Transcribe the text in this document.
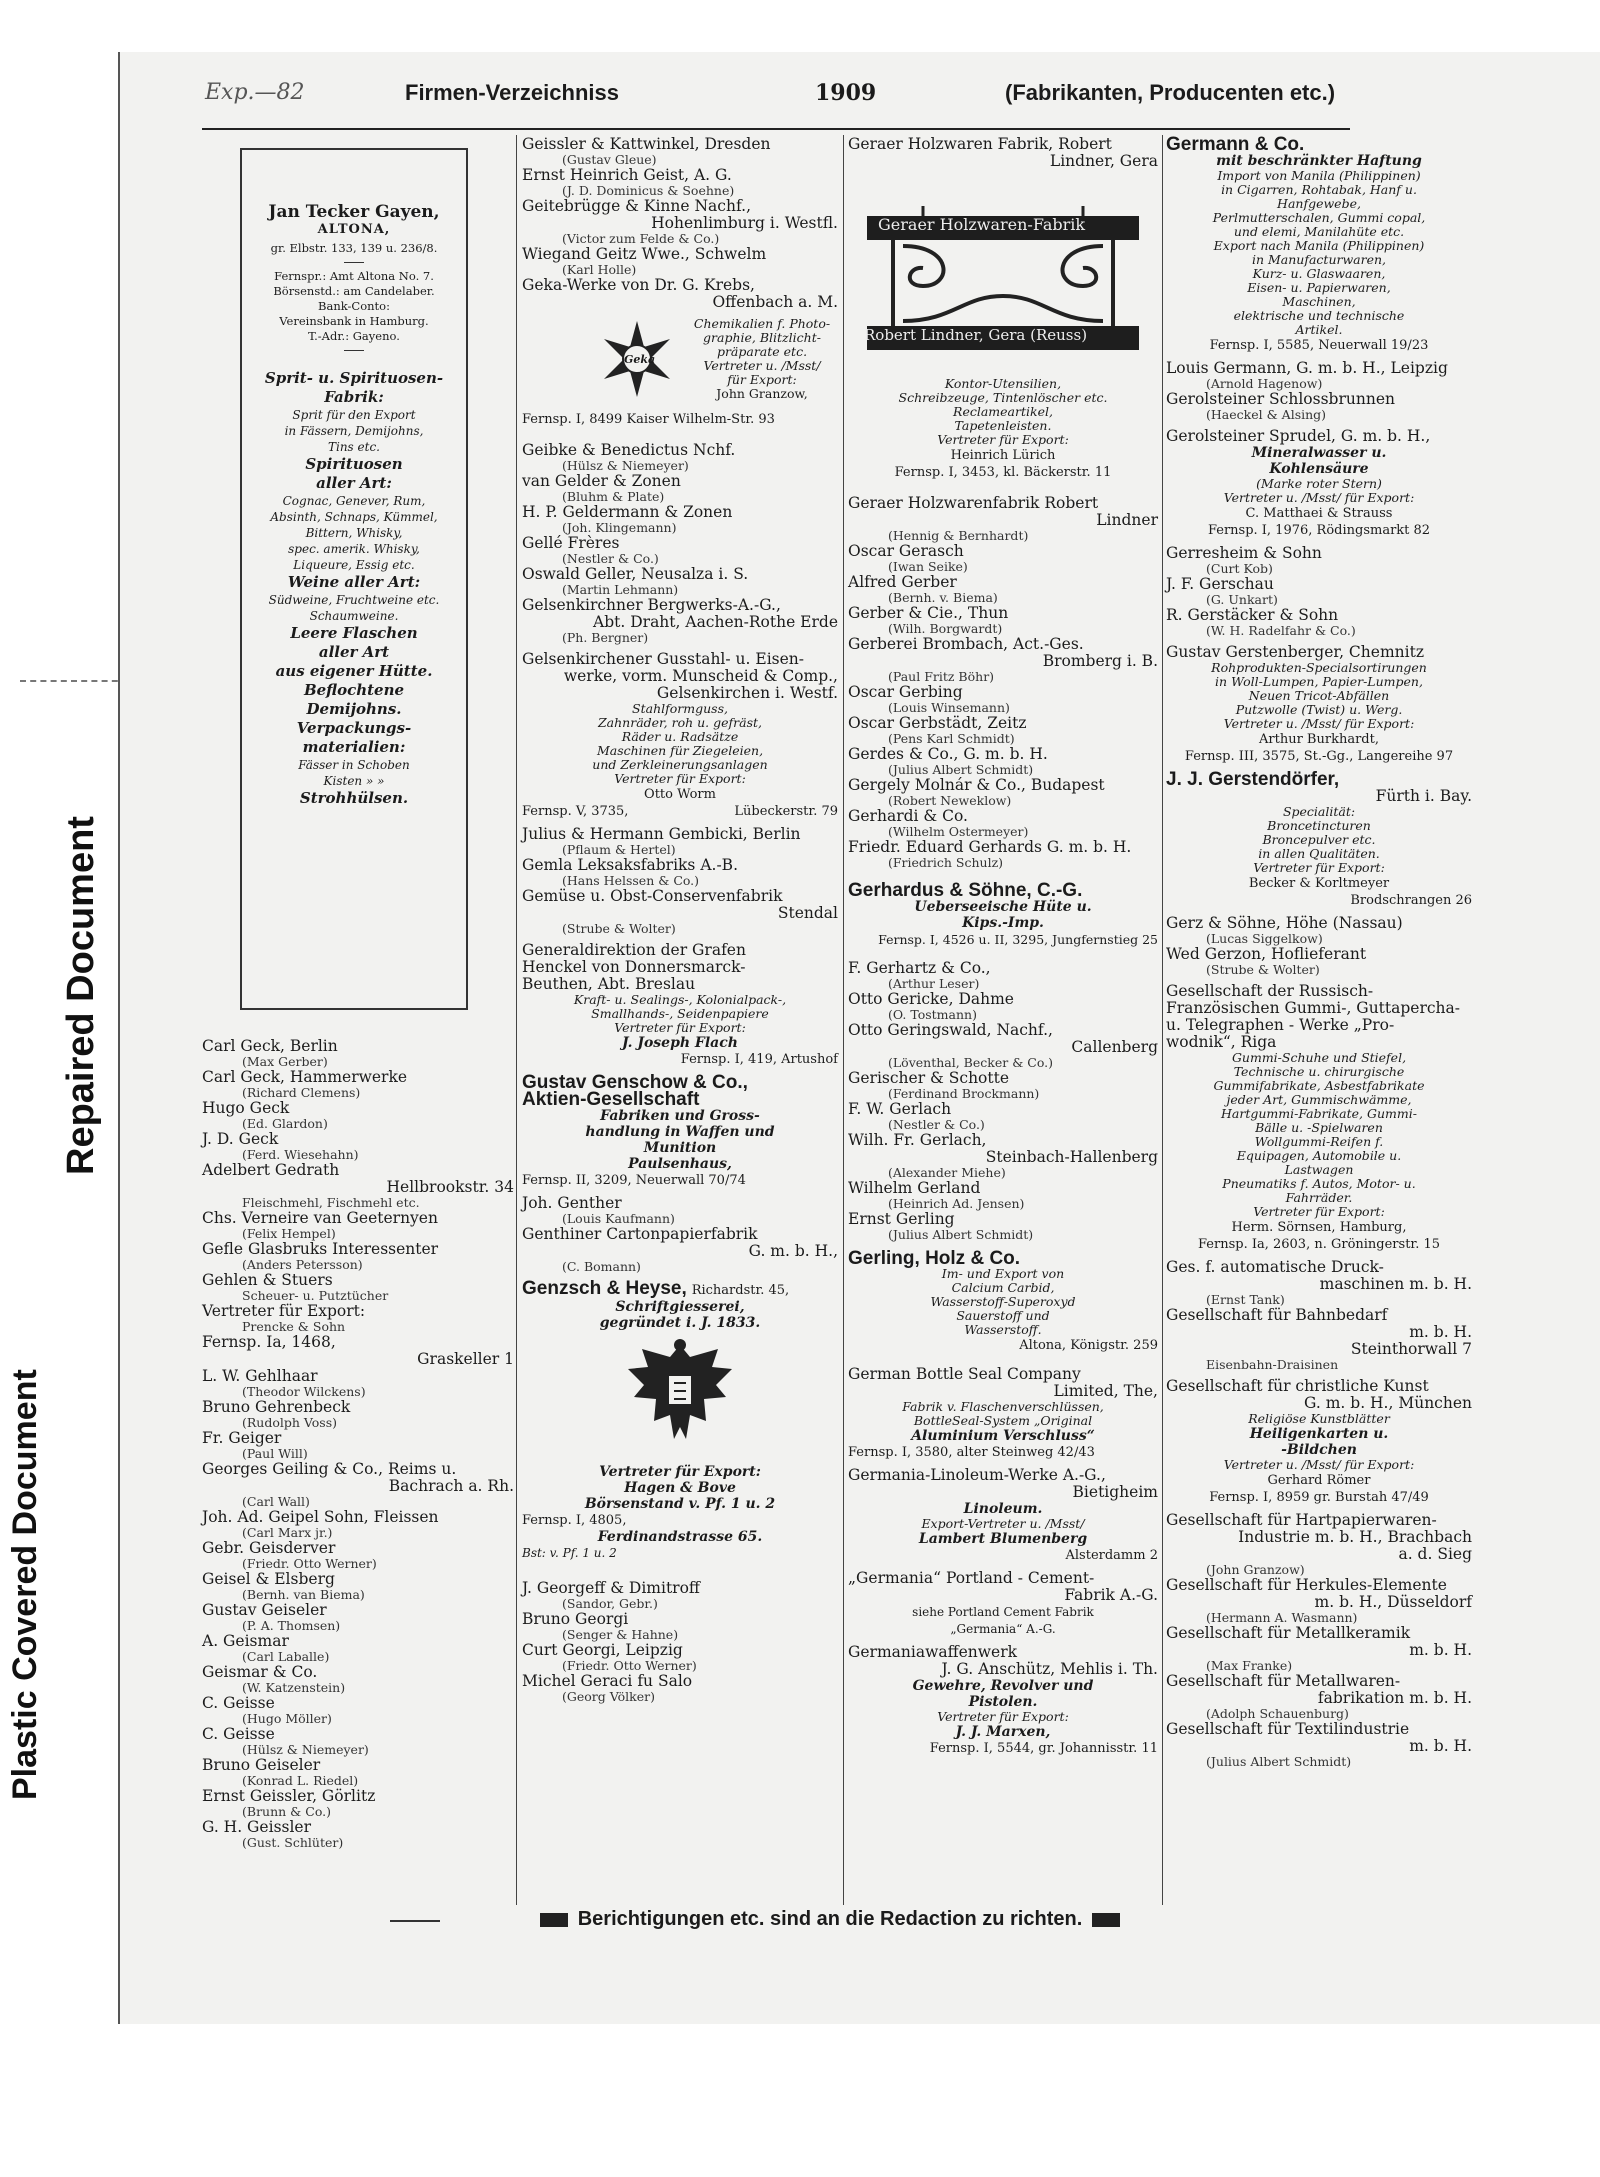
Repaired Document
Plastic Covered Document
Exp.—82	Firmen-Verzeichniss	1909	(Fabrikanten, Producenten etc.)
Jan Tecker Gayen,
ALTONA,
gr. Elbstr. 133, 139 u. 236/8.
Fernspr.: Amt Altona No. 7.
Börsenstd.: am Candelaber.
Bank-Conto:
Vereinsbank in Hamburg.
T.-Adr.: Gayeno.
Sprit- u. Spirituosen-
Fabrik:
Sprit für den Export
in Fässern, Demijohns,
Tins etc.
Spirituosen
aller Art:
Cognac, Genever, Rum,
Absinth, Schnaps, Kümmel,
Bittern, Whisky,
spec. amerik. Whisky,
Liqueure, Essig etc.
Weine aller Art:
Südweine, Fruchtweine etc.
Schaumweine.
Leere Flaschen
aller Art
aus eigener Hütte.
Beflochtene
Demijohns.
Verpackungs-
materialien:
Fässer in Schoben
Kisten » »
Strohhülsen.
Carl Geck, Berlin
(Max Gerber)
Carl Geck, Hammerwerke
(Richard Clemens)
Hugo Geck
(Ed. Glardon)
J. D. Geck
(Ferd. Wiesehahn)
Adelbert Gedrath
Hellbrookstr. 34
Fleischmehl, Fischmehl etc.
Chs. Verneire van Geeternyen
(Felix Hempel)
Gefle Glasbruks Interessenter
(Anders Petersson)
Gehlen & Stuers
Scheuer- u. Putztücher
Vertreter für Export:
Prencke & Sohn
Fernsp. Ia, 1468,
Graskeller 1
L. W. Gehlhaar
(Theodor Wilckens)
Bruno Gehrenbeck
(Rudolph Voss)
Fr. Geiger
(Paul Will)
Georges Geiling & Co., Reims u.
Bachrach a. Rh.
(Carl Wall)
Joh. Ad. Geipel Sohn, Fleissen
(Carl Marx jr.)
Gebr. Geisderver
(Friedr. Otto Werner)
Geisel & Elsberg
(Bernh. van Biema)
Gustav Geiseler
(P. A. Thomsen)
A. Geismar
(Carl Laballe)
Geismar & Co.
(W. Katzenstein)
C. Geisse
(Hugo Möller)
C. Geisse
(Hülsz & Niemeyer)
Bruno Geiseler
(Konrad L. Riedel)
Ernst Geissler, Görlitz
(Brunn & Co.)
G. H. Geissler
(Gust. Schlüter)
Geissler & Kattwinkel, Dresden
(Gustav Gleue)
Ernst Heinrich Geist, A. G.
(J. D. Dominicus & Soehne)
Geitebrügge & Kinne Nachf.,
Hohenlimburg i. Westfl.
(Victor zum Felde & Co.)
Wiegand Geitz Wwe., Schwelm
(Karl Holle)
Geka-Werke von Dr. G. Krebs,
Offenbach a. M.
Geka
Chemikalien f. Photo-
graphie, Blitzlicht-
präparate etc.
Vertreter u. /Msst/
für Export:
John Granzow,
Fernsp. I, 8499 Kaiser Wilhelm-Str. 93
Geibke & Benedictus Nchf.
(Hülsz & Niemeyer)
van Gelder & Zonen
(Bluhm & Plate)
H. P. Geldermann & Zonen
(Joh. Klingemann)
Gellé Frères
(Nestler & Co.)
Oswald Geller, Neusalza i. S.
(Martin Lehmann)
Gelsenkirchner Bergwerks-A.-G.,
Abt. Draht, Aachen-Rothe Erde
(Ph. Bergner)
Gelsenkirchener Gusstahl- u. Eisen-
werke, vorm. Munscheid & Comp.,
Gelsenkirchen i. Westf.
Stahlformguss,
Zahnräder, roh u. gefräst,
Räder u. Radsätze
Maschinen für Ziegeleien,
und Zerkleinerungsanlagen
Vertreter für Export:
Otto Worm
Fernsp. V, 3735,	Lübeckerstr. 79
Julius & Hermann Gembicki, Berlin
(Pflaum & Hertel)
Gemla Leksaksfabriks A.-B.
(Hans Helssen & Co.)
Gemüse u. Obst-Conservenfabrik
Stendal
(Strube & Wolter)
Generaldirektion der Grafen
Henckel von Donnersmarck-
Beuthen, Abt. Breslau
Kraft- u. Sealings-, Kolonialpack-,
Smallhands-, Seidenpapiere
Vertreter für Export:
J. Joseph Flach
Fernsp. I, 419, Artushof
Gustav Genschow & Co.,
Aktien-Gesellschaft
Fabriken und Gross-
handlung in Waffen und
Munition
Paulsenhaus,
Fernsp. II, 3209, Neuerwall 70/74
Joh. Genther
(Louis Kaufmann)
Genthiner Cartonpapierfabrik
G. m. b. H.,
(C. Bomann)
Genzsch & Heyse, Richardstr. 45,
Schriftgiesserei,
gegründet i. J. 1833.
Vertreter für Export:
Hagen & Bove
Börsenstand v. Pf. 1 u. 2
Fernsp. I, 4805,
Ferdinandstrasse 65.
Bst: v. Pf. 1 u. 2
J. Georgeff & Dimitroff
(Sandor, Gebr.)
Bruno Georgi
(Senger & Hahne)
Curt Georgi, Leipzig
(Friedr. Otto Werner)
Michel Geraci fu Salo
(Georg Völker)
Geraer Holzwaren Fabrik, Robert
Lindner, Gera
Geraer Holzwaren-Fabrik
Robert Lindner, Gera (Reuss)
Kontor-Utensilien,
Schreibzeuge, Tintenlöscher etc.
Reclameartikel,
Tapetenleisten.
Vertreter für Export:
Heinrich Lürich
Fernsp. I, 3453, kl. Bäckerstr. 11
Geraer Holzwarenfabrik Robert
Lindner
(Hennig & Bernhardt)
Oscar Gerasch
(Iwan Seike)
Alfred Gerber
(Bernh. v. Biema)
Gerber & Cie., Thun
(Wilh. Borgwardt)
Gerberei Brombach, Act.-Ges.
Bromberg i. B.
(Paul Fritz Böhr)
Oscar Gerbing
(Louis Winsemann)
Oscar Gerbstädt, Zeitz
(Pens Karl Schmidt)
Gerdes & Co., G. m. b. H.
(Julius Albert Schmidt)
Gergely Molnár & Co., Budapest
(Robert Neweklow)
Gerhardi & Co.
(Wilhelm Ostermeyer)
Friedr. Eduard Gerhards G. m. b. H.
(Friedrich Schulz)
Gerhardus & Söhne, C.-G.
Ueberseeische Hüte u.
Kips.-Imp.
Fernsp. I, 4526 u. II, 3295, Jungfernstieg 25
F. Gerhartz & Co.,
(Arthur Leser)
Otto Gericke, Dahme
(O. Tostmann)
Otto Geringswald, Nachf.,
Callenberg
(Löventhal, Becker & Co.)
Gerischer & Schotte
(Ferdinand Brockmann)
F. W. Gerlach
(Nestler & Co.)
Wilh. Fr. Gerlach,
Steinbach-Hallenberg
(Alexander Miehe)
Wilhelm Gerland
(Heinrich Ad. Jensen)
Ernst Gerling
(Julius Albert Schmidt)
Gerling, Holz & Co.
Im- und Export von
Calcium Carbid,
Wasserstoff-Superoxyd
Sauerstoff und
Wasserstoff.
Altona, Königstr. 259
German Bottle Seal Company
Limited, The,
Fabrik v. Flaschenverschlüssen,
BottleSeal-System „Original
Aluminium Verschluss“
Fernsp. I, 3580, alter Steinweg 42/43
Germania-Linoleum-Werke A.-G.,
Bietigheim
Linoleum.
Export-Vertreter u. /Msst/
Lambert Blumenberg
Alsterdamm 2
„Germania“ Portland - Cement-
Fabrik A.-G.
siehe Portland Cement Fabrik
„Germania“ A.-G.
Germaniawaffenwerk
J. G. Anschütz, Mehlis i. Th.
Gewehre, Revolver und
Pistolen.
Vertreter für Export:
J. J. Marxen,
Fernsp. I, 5544, gr. Johannisstr. 11
Germann & Co.
mit beschränkter Haftung
Import von Manila (Philippinen)
in Cigarren, Rohtabak, Hanf u.
Hanfgewebe,
Perlmutterschalen, Gummi copal,
und elemi, Manilahüte etc.
Export nach Manila (Philippinen)
in Manufacturwaren,
Kurz- u. Glaswaaren,
Eisen- u. Papierwaren,
Maschinen,
elektrische und technische
Artikel.
Fernsp. I, 5585, Neuerwall 19/23
Louis Germann, G. m. b. H., Leipzig
(Arnold Hagenow)
Gerolsteiner Schlossbrunnen
(Haeckel & Alsing)
Gerolsteiner Sprudel, G. m. b. H.,
Mineralwasser u.
Kohlensäure
(Marke roter Stern)
Vertreter u. /Msst/ für Export:
C. Matthaei & Strauss
Fernsp. I, 1976, Rödingsmarkt 82
Gerresheim & Sohn
(Curt Kob)
J. F. Gerschau
(G. Unkart)
R. Gerstäcker & Sohn
(W. H. Radelfahr & Co.)
Gustav Gerstenberger, Chemnitz
Rohprodukten-Specialsortirungen
in Woll-Lumpen, Papier-Lumpen,
Neuen Tricot-Abfällen
Putzwolle (Twist) u. Werg.
Vertreter u. /Msst/ für Export:
Arthur Burkhardt,
Fernsp. III, 3575, St.-Gg., Langereihe 97
J. J. Gerstendörfer,
Fürth i. Bay.
Specialität:
Broncetincturen
Broncepulver etc.
in allen Qualitäten.
Vertreter für Export:
Becker & Korltmeyer
Brodschrangen 26
Gerz & Söhne, Höhe (Nassau)
(Lucas Siggelkow)
Wed Gerzon, Hoflieferant
(Strube & Wolter)
Gesellschaft der Russisch-Französischen Gummi-, Guttapercha-
u. Telegraphen - Werke „Pro-
wodnik“, Riga
Gummi-Schuhe und Stiefel,
Technische u. chirurgische
Gummifabrikate, Asbestfabrikate
jeder Art, Gummischwämme,
Hartgummi-Fabrikate, Gummi-
Bälle u. -Spielwaren
Wollgummi-Reifen f.
Equipagen, Automobile u.
Lastwagen
Pneumatiks f. Autos, Motor- u.
Fahrräder.
Vertreter für Export:
Herm. Sörnsen, Hamburg,
Fernsp. Ia, 2603, n. Gröningerstr. 15
Ges. f. automatische Druck-
maschinen m. b. H.
(Ernst Tank)
Gesellschaft für Bahnbedarf
m. b. H.
Steinthorwall 7
Eisenbahn-Draisinen
Gesellschaft für christliche Kunst
G. m. b. H., München
Religiöse Kunstblätter
Heiligenkarten u.
-Bildchen
Vertreter u. /Msst/ für Export:
Gerhard Römer
Fernsp. I, 8959 gr. Burstah 47/49
Gesellschaft für Hartpapierwaren-
Industrie m. b. H., Brachbach
a. d. Sieg
(John Granzow)
Gesellschaft für Herkules-Elemente
m. b. H., Düsseldorf
(Hermann A. Wasmann)
Gesellschaft für Metallkeramik
m. b. H.
(Max Franke)
Gesellschaft für Metallwaren-
fabrikation m. b. H.
(Adolph Schauenburg)
Gesellschaft für Textilindustrie
m. b. H.
(Julius Albert Schmidt)
Berichtigungen etc. sind an die Redaction zu richten.
